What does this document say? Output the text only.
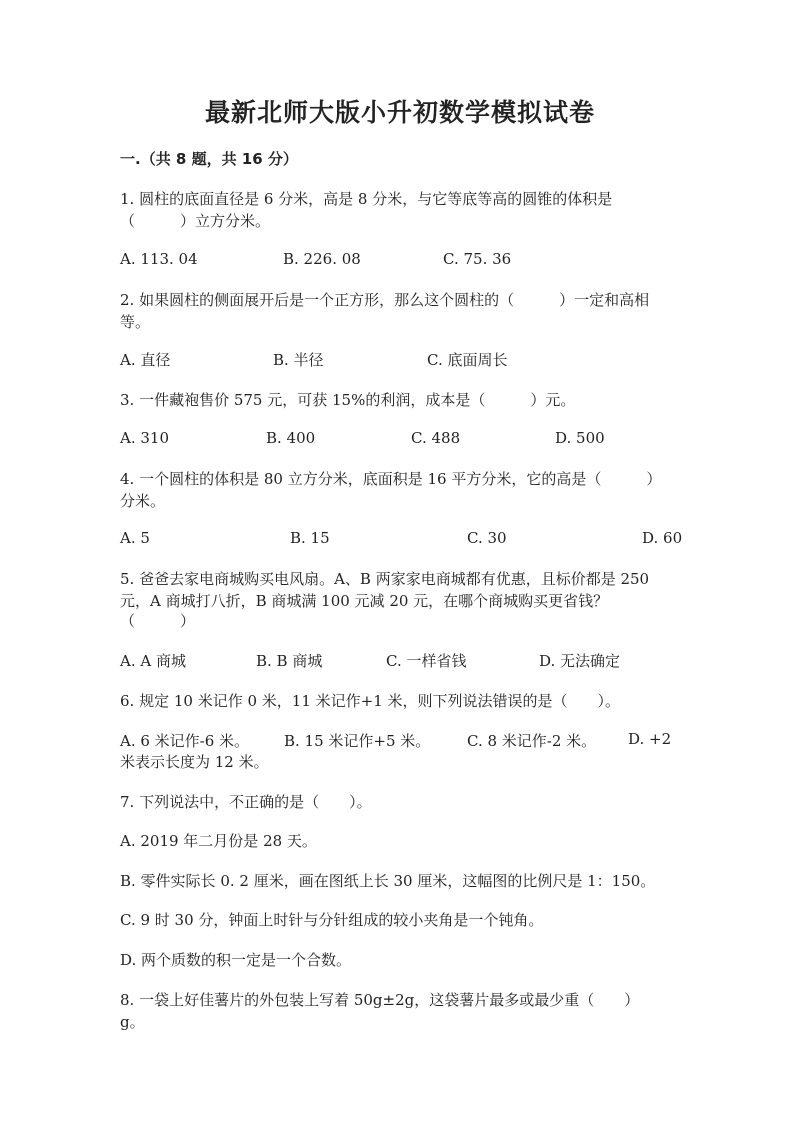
最新北师大版小升初数学模拟试卷
一.（共 8 题，共 16 分）
1. 圆柱的底面直径是 6 分米，高是 8 分米，与它等底等高的圆锥的体积是
（　　　）立方分米。
A. 113. 04	B. 226. 08	C. 75. 36
2. 如果圆柱的侧面展开后是一个正方形，那么这个圆柱的（　　　）一定和高相
等。
A. 直径	B. 半径	C. 底面周长
3. 一件藏袍售价 575 元，可获 15%的利润，成本是（　　　）元。
A. 310	B. 400	C. 488	D. 500
4. 一个圆柱的体积是 80 立方分米，底面积是 16 平方分米，它的高是（　　　）
分米。
A. 5	B. 15	C. 30	D. 60
5. 爸爸去家电商城购买电风扇。A、B 两家家电商城都有优惠，且标价都是 250
元，A 商城打八折，B 商城满 100 元减 20 元，在哪个商城购买更省钱？
（　　　）
A. A 商城	B. B 商城	C. 一样省钱	D. 无法确定
6. 规定 10 米记作 0 米，11 米记作+1 米，则下列说法错误的是（　　）。
A. 6 米记作-6 米。 B. 15 米记作+5 米。 C. 8 米记作-2 米。 D. +2
米表示长度为 12 米。
7. 下列说法中，不正确的是（　　）。
A. 2019 年二月份是 28 天。
B. 零件实际长 0. 2 厘米，画在图纸上长 30 厘米，这幅图的比例尺是 1：150。
C. 9 时 30 分，钟面上时针与分针组成的较小夹角是一个钝角。
D. 两个质数的积一定是一个合数。
8. 一袋上好佳薯片的外包装上写着 50g±2g，这袋薯片最多或最少重（　　）
g。
